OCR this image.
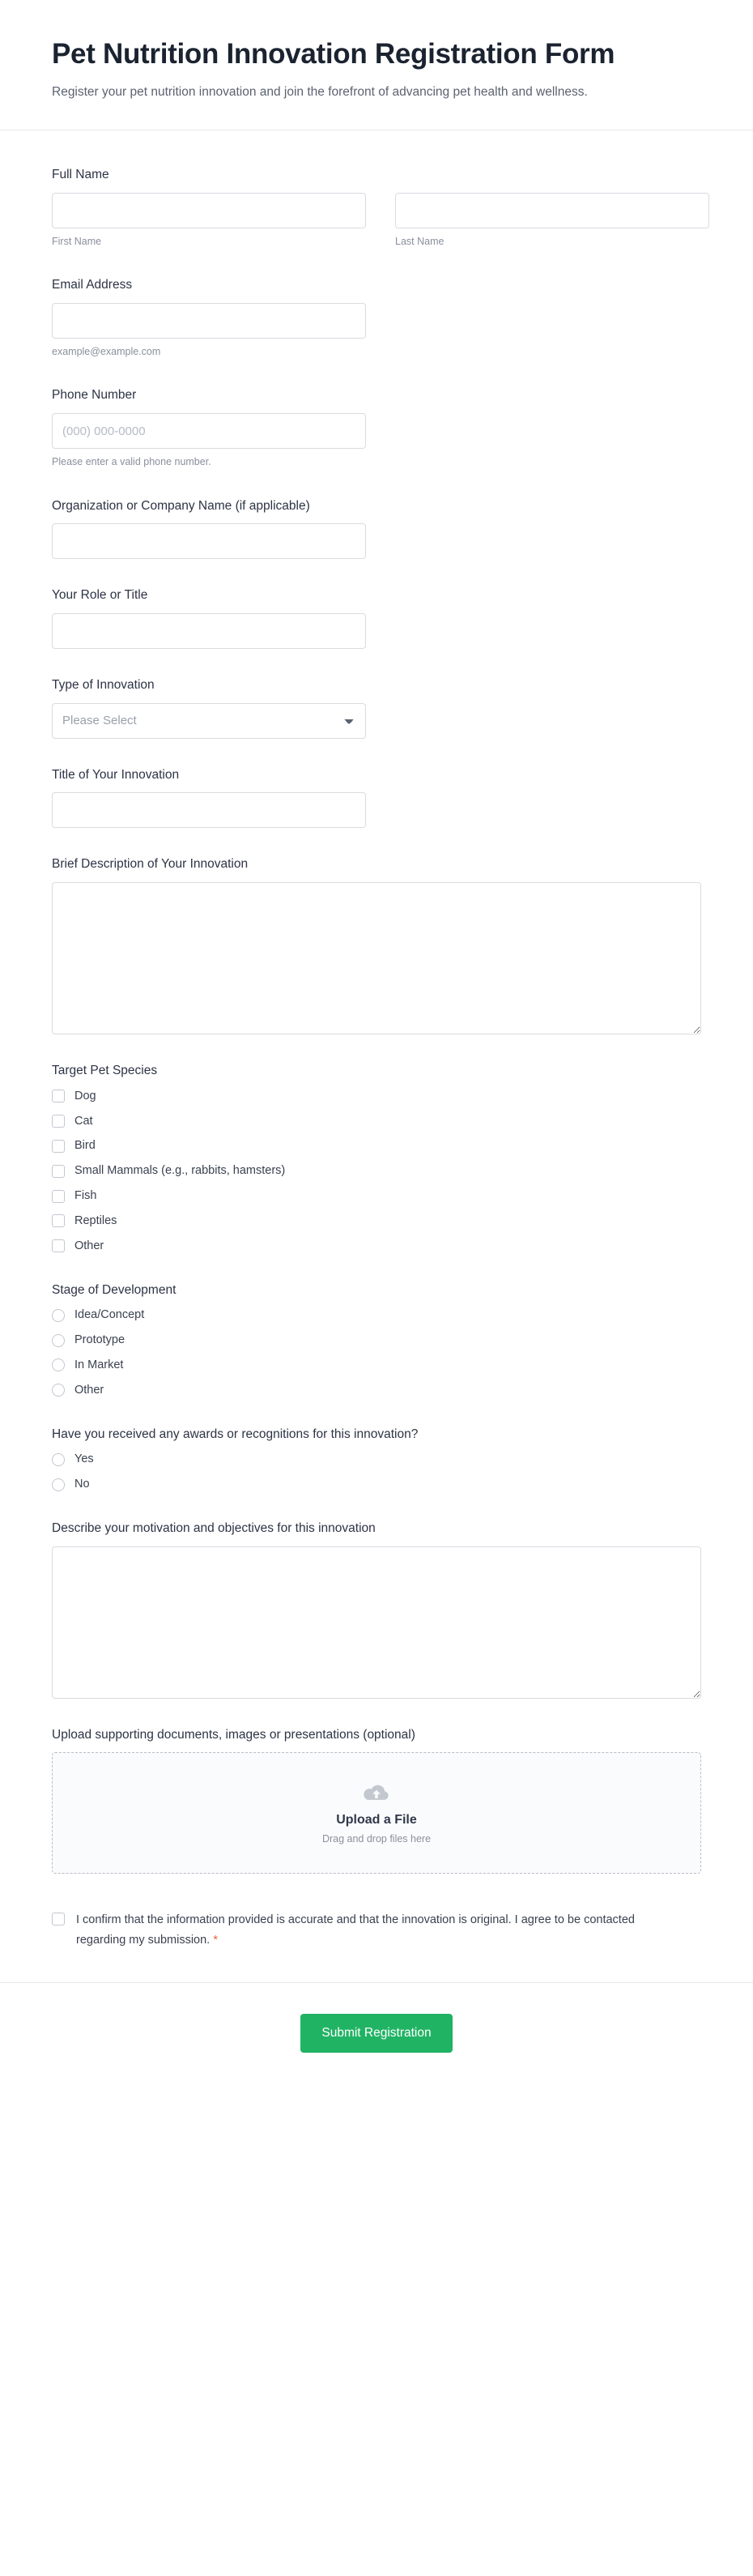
Pet Nutrition Innovation Registration Form

Register your pet nutrition innovation and join the forefront of advancing pet health and wellness.

Full Name
First Name	Last Name
Email Address
example@example.com
Phone Number
(000) 000-0000
Please enter a valid phone number.
Organization or Company Name (if applicable)
Your Role or Title
Type of Innovation
Please Select
Title of Your Innovation
Brief Description of Your Innovation
Target Pet Species
Dog
Cat
Bird
Small Mammals (e.g., rabbits, hamsters)
Fish
Reptiles
Other
Stage of Development
Idea/Concept
Prototype
In Market
Other
Have you received any awards or recognitions for this innovation?
Yes
No
Describe your motivation and objectives for this innovation
Upload supporting documents, images or presentations (optional)
Upload a File
Drag and drop files here
I confirm that the information provided is accurate and that the innovation is original. I agree to be contacted regarding my submission. *
Submit Registration
